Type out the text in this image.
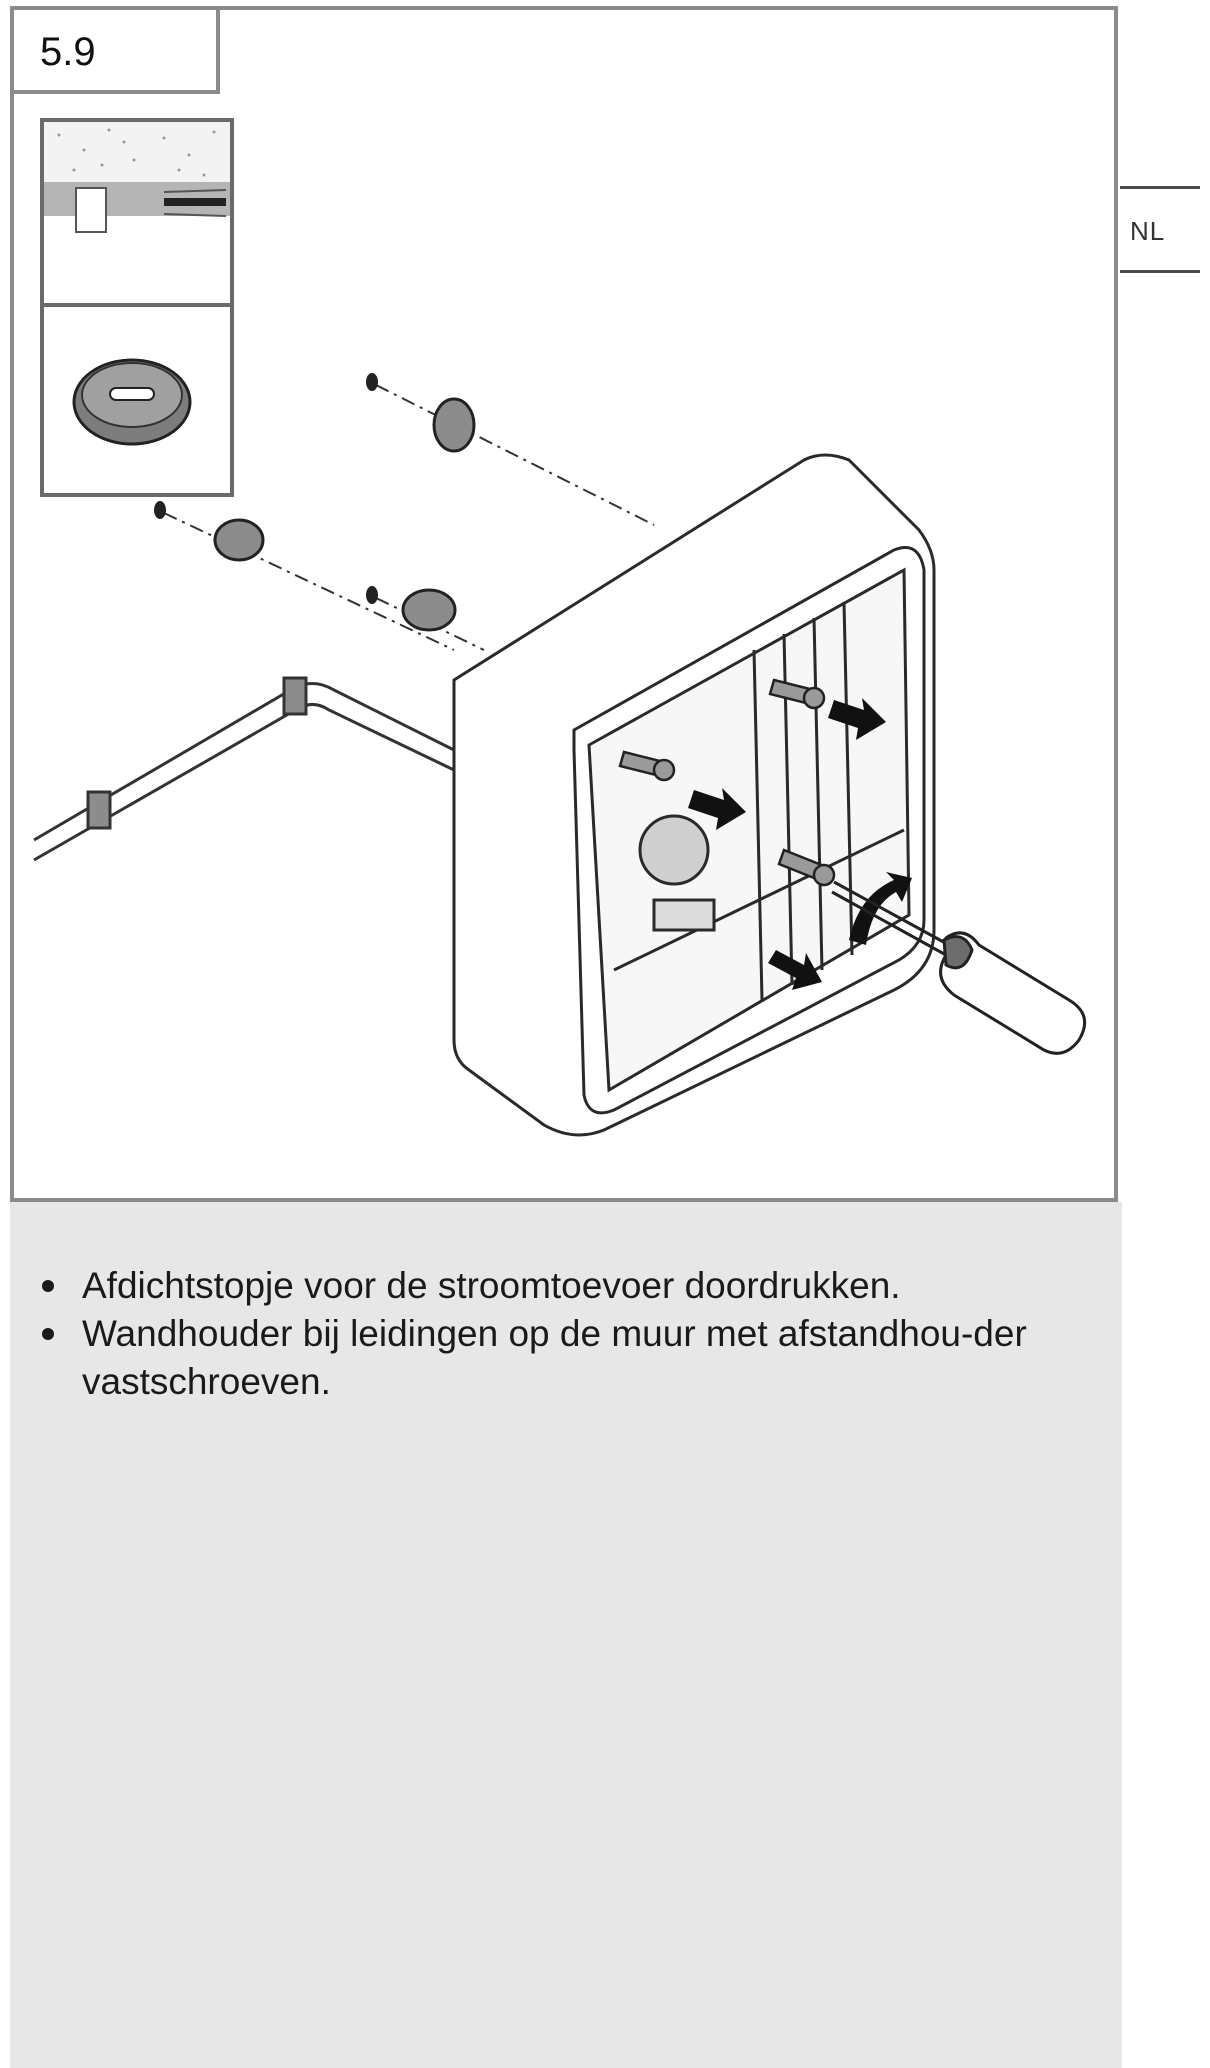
5.9
NL
Afdichtstopje voor de stroomtoevoer doordrukken.
Wandhouder bij leidingen op de muur met afstandhou-der vastschroeven.
